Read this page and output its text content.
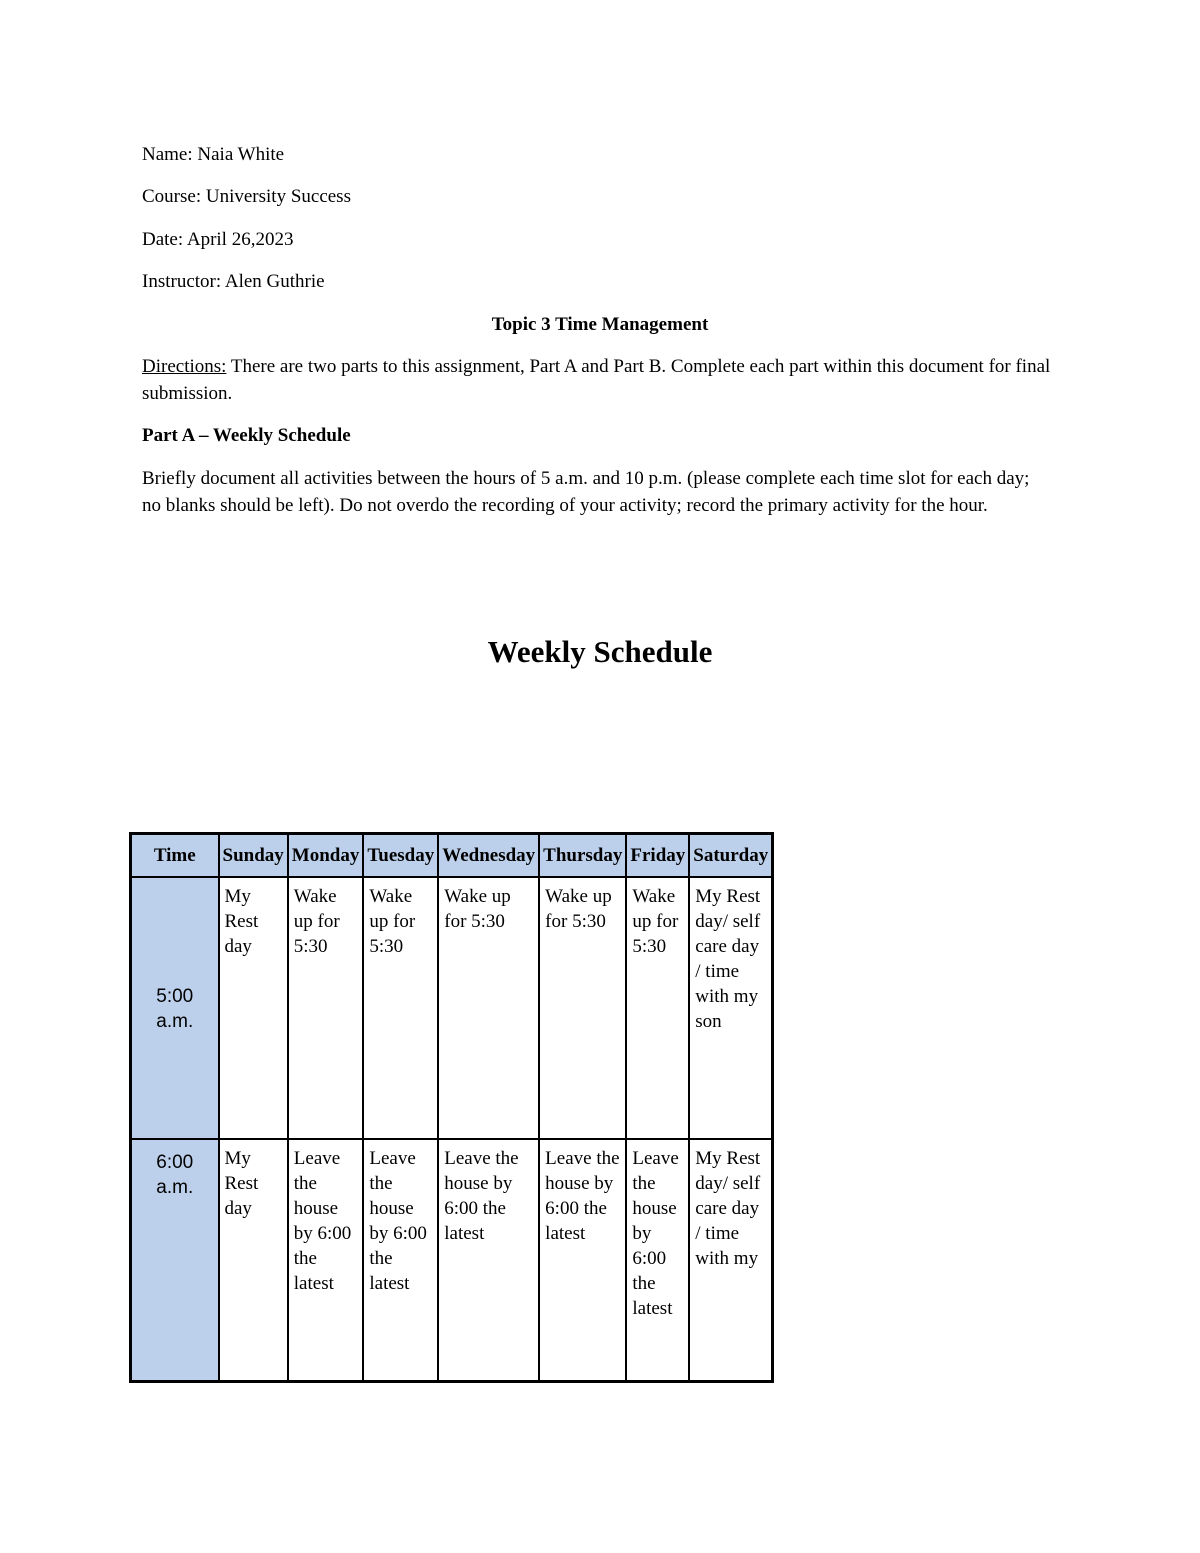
Name: Naia White
Course: University Success
Date: April 26,2023
Instructor: Alen Guthrie
Topic 3 Time Management
Directions: There are two parts to this assignment, Part A and Part B. Complete each part within this document for final submission.
Part A – Weekly Schedule
Briefly document all activities between the hours of 5 a.m. and 10 p.m. (please complete each time slot for each day; no blanks should be left). Do not overdo the recording of your activity; record the primary activity for the hour.
Weekly Schedule
Time	Sunday	Monday	Tuesday	Wednesday	Thursday	Friday	Saturday
5:00 a.m.	My Rest day	Wake up for 5:30	Wake up for 5:30	Wake up for 5:30	Wake up for 5:30	Wake up for 5:30	My Rest day/ self care day / time with my son
6:00 a.m.	My Rest day	Leave the house by 6:00 the latest	Leave the house by 6:00 the latest	Leave the house by 6:00 the latest	Leave the house by 6:00 the latest	Leave the house by 6:00 the latest	My Rest day/ self care day / time with my
